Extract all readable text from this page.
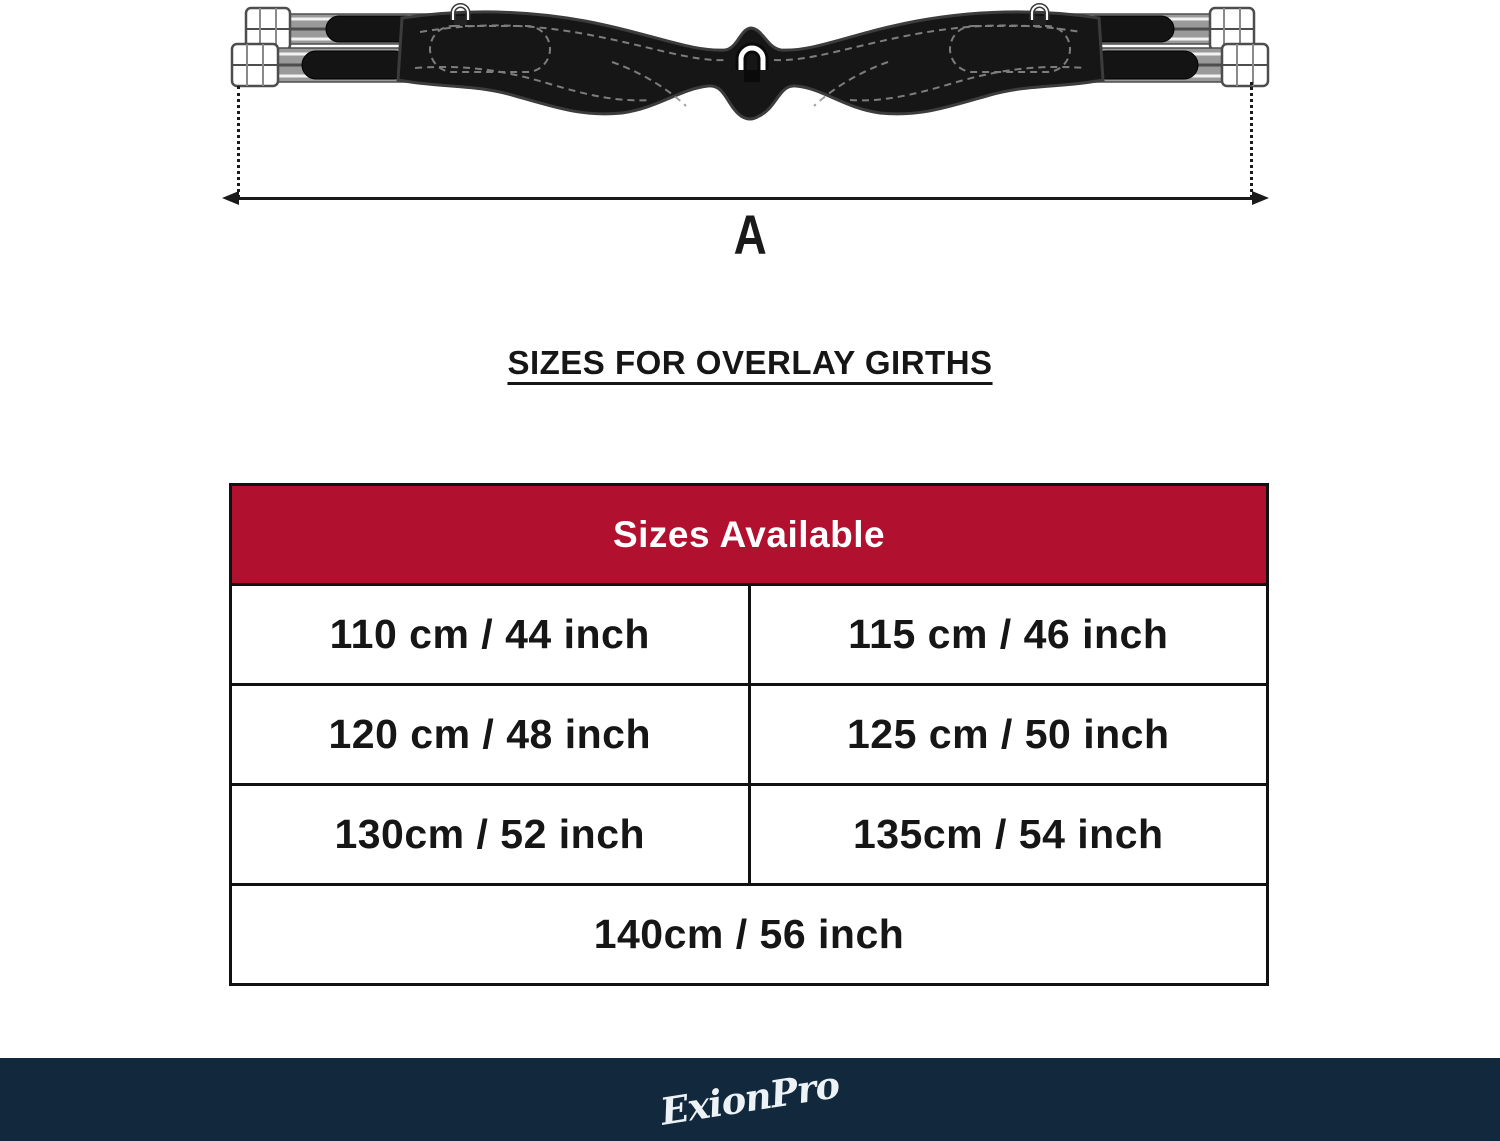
A
SIZES FOR OVERLAY GIRTHS
Sizes Available
110 cm / 44 inch	115 cm / 46 inch
120 cm / 48 inch	125 cm / 50 inch
130cm / 52 inch	135cm / 54 inch
140cm / 56 inch
ExionPro
